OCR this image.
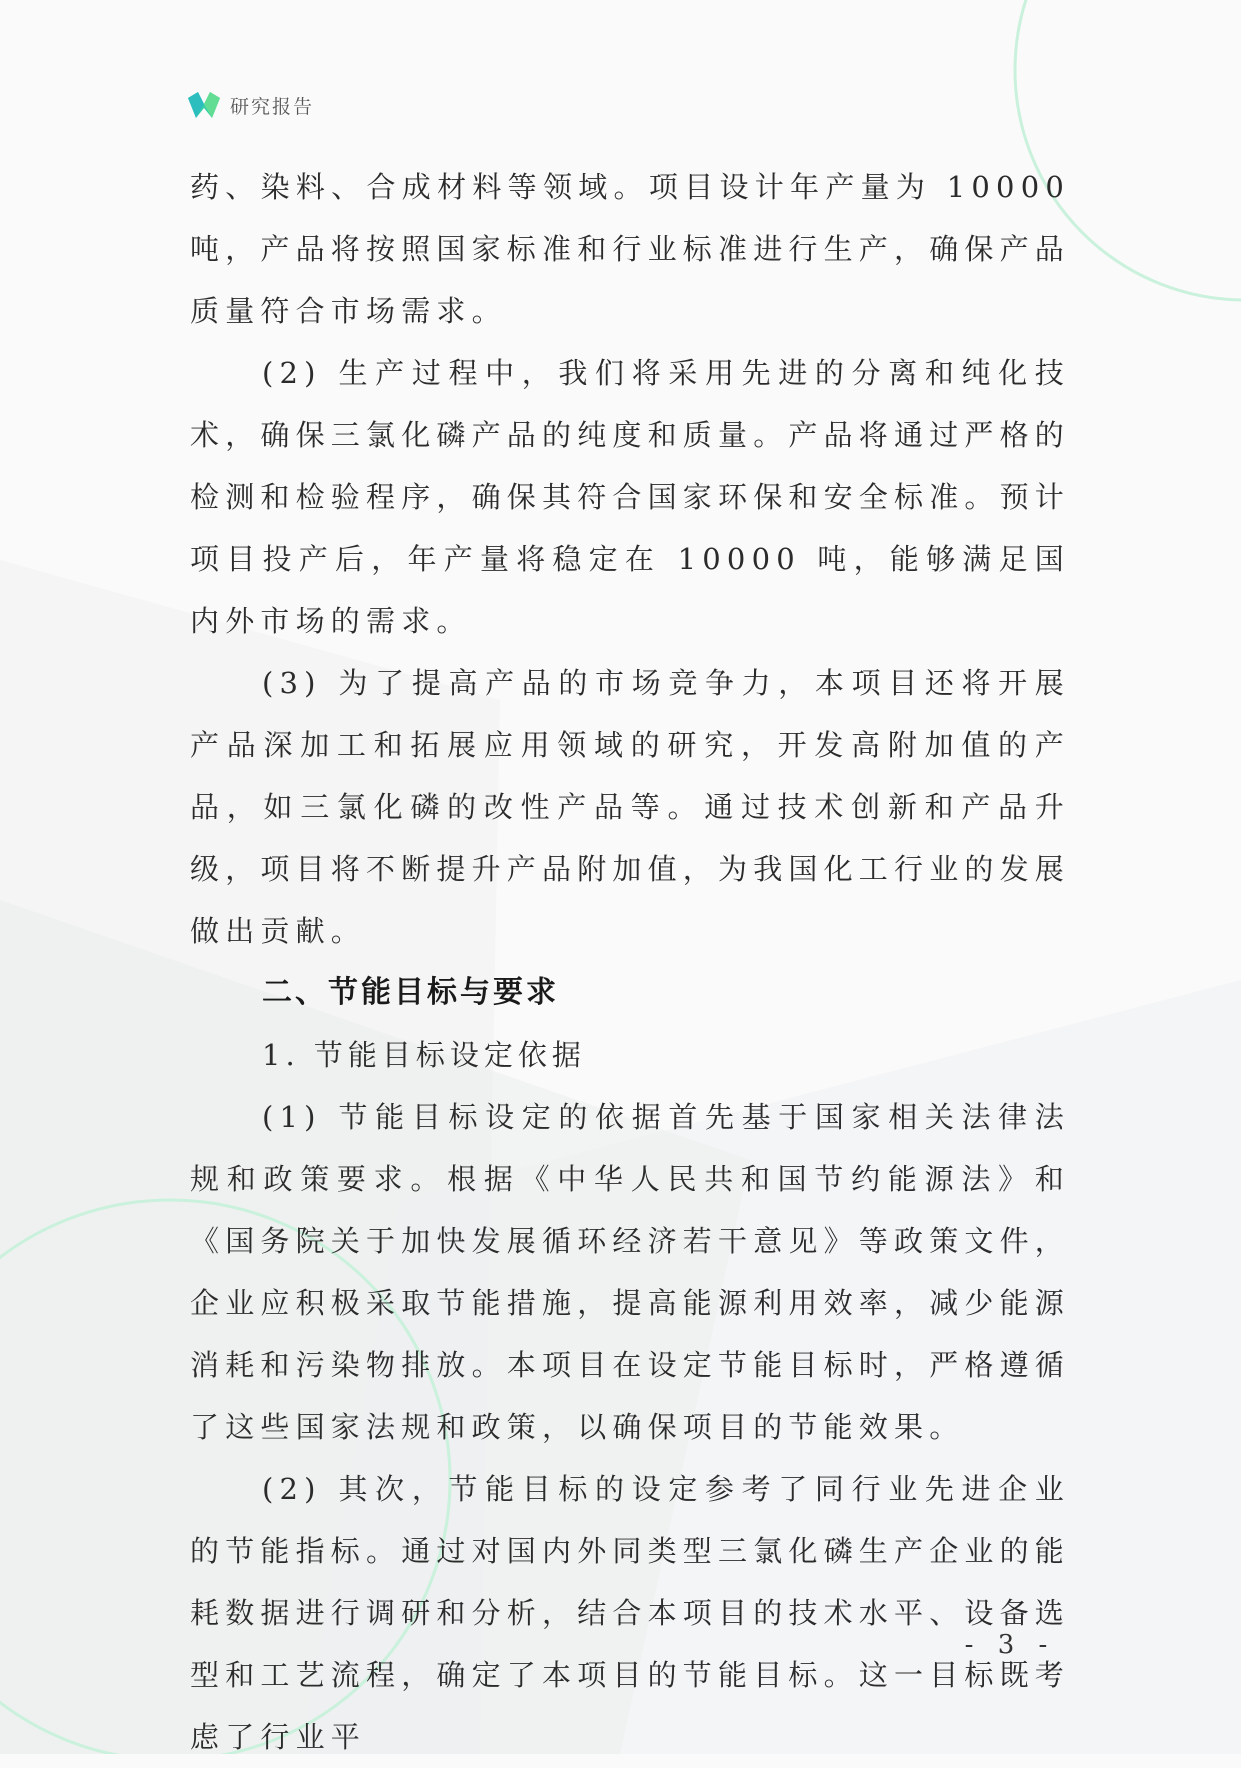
研究报告

药、染料、合成材料等领域。项目设计年产量为 10000 吨，产品将按照国家标准和行业标准进行生产，确保产品质量符合市场需求。

(2) 生产过程中，我们将采用先进的分离和纯化技术，确保三氯化磷产品的纯度和质量。产品将通过严格的检测和检验程序，确保其符合国家环保和安全标准。预计项目投产后，年产量将稳定在 10000 吨，能够满足国内外市场的需求。

(3) 为了提高产品的市场竞争力，本项目还将开展产品深加工和拓展应用领域的研究，开发高附加值的产品，如三氯化磷的改性产品等。通过技术创新和产品升级，项目将不断提升产品附加值，为我国化工行业的发展做出贡献。

二、节能目标与要求
1. 节能目标设定依据

(1) 节能目标设定的依据首先基于国家相关法律法规和政策要求。根据《中华人民共和国节约能源法》和《国务院关于加快发展循环经济若干意见》等政策文件，企业应积极采取节能措施，提高能源利用效率，减少能源消耗和污染物排放。本项目在设定节能目标时，严格遵循了这些国家法规和政策，以确保项目的节能效果。

(2) 其次，节能目标的设定参考了同行业先进企业的节能指标。通过对国内外同类型三氯化磷生产企业的能耗数据进行调研和分析，结合本项目的技术水平、设备选型和工艺流程，确定了本项目的节能目标。这一目标既考虑了行业平

- 3 -
